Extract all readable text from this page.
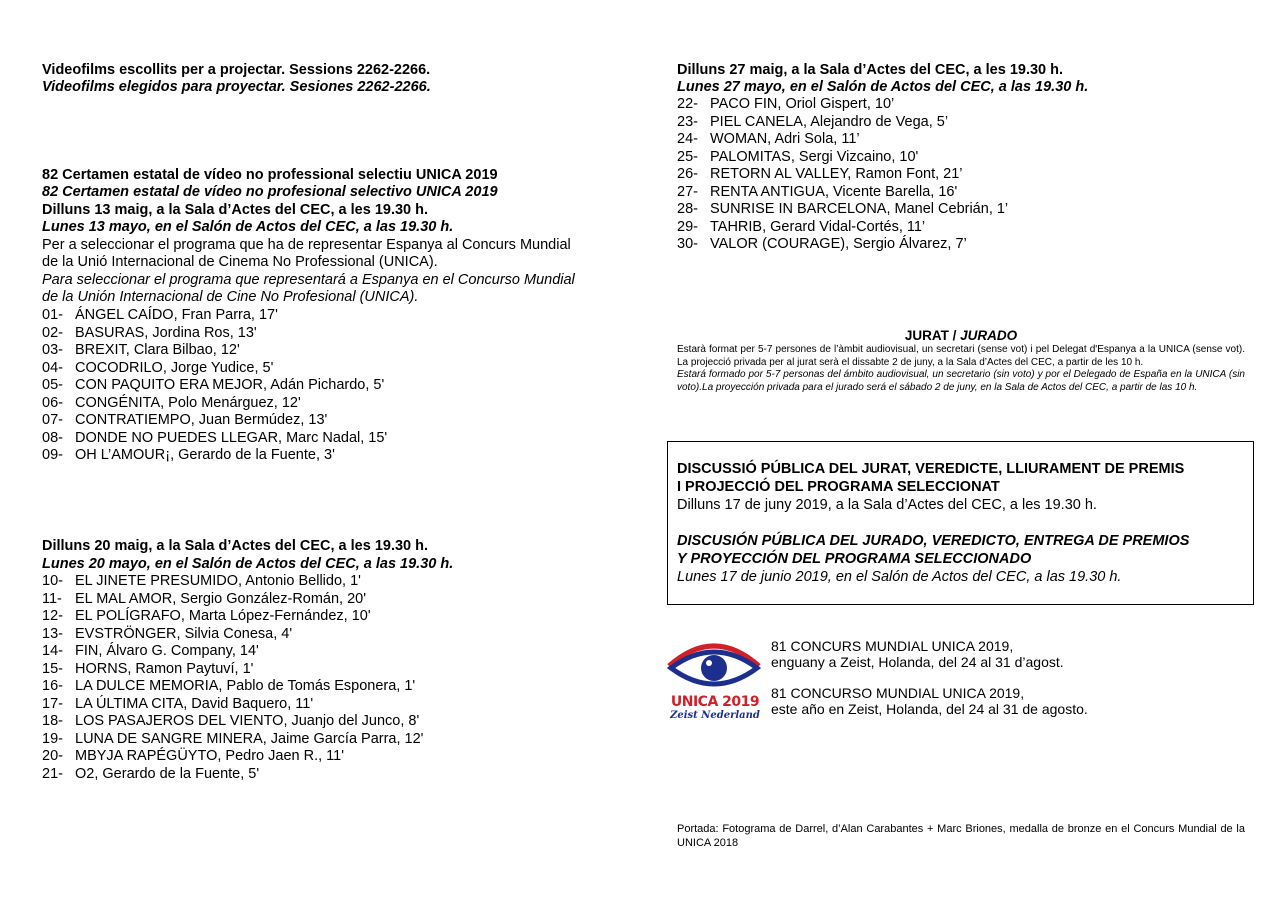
Videofilms escollits per a projectar. Sessions 2262-2266.
Videofilms elegidos para proyectar. Sesiones 2262-2266.
82 Certamen estatal de vídeo no professional selectiu UNICA 2019
82 Certamen estatal de vídeo no profesional selectivo UNICA 2019
Dilluns 13 maig, a la Sala d’Actes del CEC, a les 19.30 h.
Lunes 13 mayo, en el Salón de Actos del CEC, a las 19.30 h.
Per a seleccionar el programa que ha de representar Espanya al Concurs Mundial
de la Unió Internacional de Cinema No Professional (UNICA).
Para seleccionar el programa que representará a Espanya en el Concurso Mundial
de la Unión Internacional de Cine No Profesional (UNICA).
01- ÁNGEL CAÍDO, Fran Parra, 17'
02- BASURAS, Jordina Ros, 13'
03- BREXIT, Clara Bilbao, 12'
04- COCODRILO, Jorge Yudice, 5'
05- CON PAQUITO ERA MEJOR, Adán Pichardo, 5'
06- CONGÉNITA, Polo Menárguez, 12'
07- CONTRATIEMPO, Juan Bermúdez, 13'
08- DONDE NO PUEDES LLEGAR, Marc Nadal, 15'
09- OH L’AMOUR¡, Gerardo de la Fuente, 3'
Dilluns 20 maig, a la Sala d’Actes del CEC, a les 19.30 h.
Lunes 20 mayo, en el Salón de Actos del CEC, a las 19.30 h.
10- EL JINETE PRESUMIDO, Antonio Bellido, 1'
11- EL MAL AMOR, Sergio González-Román, 20'
12- EL POLÍGRAFO, Marta López-Fernández, 10'
13- EVSTRÖNGER, Silvia Conesa, 4'
14- FIN, Álvaro G. Company, 14'
15- HORNS, Ramon Paytuví, 1'
16- LA DULCE MEMORIA, Pablo de Tomás Esponera, 1'
17- LA ÚLTIMA CITA, David Baquero, 11'
18- LOS PASAJEROS DEL VIENTO, Juanjo del Junco, 8'
19- LUNA DE SANGRE MINERA, Jaime García Parra, 12'
20- MBYJA RAPÉGÜYTO, Pedro Jaen R., 11'
21- O2, Gerardo de la Fuente, 5'
Dilluns 27 maig, a la Sala d’Actes del CEC, a les 19.30 h.
Lunes 27 mayo, en el Salón de Actos del CEC, a las 19.30 h.
22- PACO FIN, Oriol Gispert, 10’
23- PIEL CANELA, Alejandro de Vega, 5’
24- WOMAN, Adri Sola, 11’
25- PALOMITAS, Sergi Vizcaino, 10'
26- RETORN AL VALLEY, Ramon Font, 21’
27- RENTA ANTIGUA, Vicente Barella, 16'
28- SUNRISE IN BARCELONA, Manel Cebrián, 1’
29- TAHRIB, Gerard Vidal-Cortés, 11’
30- VALOR (COURAGE), Sergio Álvarez, 7’
JURAT / JURADO
Estarà format per 5-7 persones de l’àmbit audiovisual, un secretari (sense vot) i pel Delegat d'Espanya a la UNICA (sense vot). La projecció privada per al jurat serà el dissabte 2 de juny, a la Sala d’Actes del CEC, a partir de les 10 h.
Estará formado por 5-7 personas del ámbito audiovisual, un secretario (sin voto) y por el Delegado de España en la UNICA (sin voto).La proyección privada para el jurado será el sábado 2 de juny, en la Sala de Actos del CEC, a partir de las 10 h.
DISCUSSIÓ PÚBLICA DEL JURAT, VEREDICTE, LLIURAMENT DE PREMIS
I PROJECCIÓ DEL PROGRAMA SELECCIONAT
Dilluns 17 de juny 2019, a la Sala d’Actes del CEC, a les 19.30 h.
DISCUSIÓN PÚBLICA DEL JURADO, VEREDICTO, ENTREGA DE PREMIOS
Y PROYECCIÓN DEL PROGRAMA SELECCIONADO
Lunes 17 de junio 2019, en el Salón de Actos del CEC, a las 19.30 h.
UNICA 2019
Zeist Nederland
81 CONCURS MUNDIAL UNICA 2019,
enguany a Zeist, Holanda, del 24 al 31 d’agost.
81 CONCURSO MUNDIAL UNICA 2019,
este año en Zeist, Holanda, del 24 al 31 de agosto.
Portada: Fotograma de Darrel, d’Alan Carabantes + Marc Briones, medalla de bronze en el Concurs Mundial de la UNICA 2018
